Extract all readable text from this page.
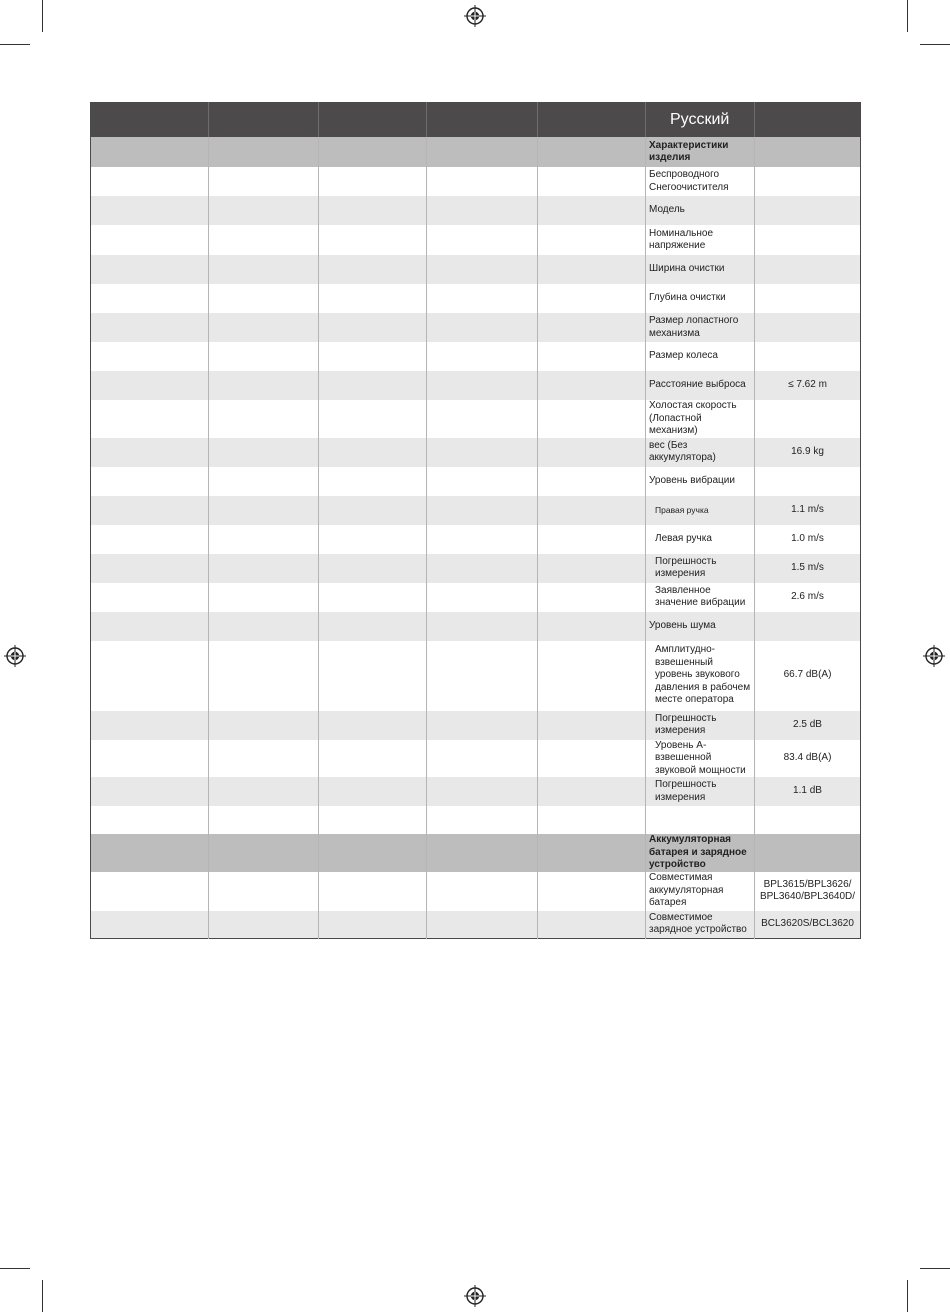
					Русский	
					Характеристики изделия	
					Беспроводного Снегоочистителя	
					Модель	
					Номинальное напряжение	
					Ширина очистки	
					Глубина очистки	
					Размер лопастного механизма	
					Размер колеса	
					Расстояние выброса	≤ 7.62 m
					Холостая скорость (Лопастной механизм)	
					вес (Без аккумулятора)	16.9 kg
					Уровень вибрации	
					Правая ручка	1.1 m/s
					Левая ручка	1.0 m/s
					Погрешность измерения	1.5 m/s
					Заявленное значение вибрации	2.6 m/s
					Уровень шума	
					Амплитудно-взвешенный уровень звукового давления в рабочем месте оператора	66.7 dB(A)
					Погрешность измерения	2.5 dB
					Уровень А-взвешенной звуковой мощности	83.4 dB(A)
					Погрешность измерения	1.1 dB

					Аккумуляторная батарея и зарядное устройство	
					Совместимая аккумуляторная батарея	BPL3615/BPL3626/ BPL3640/BPL3640D/
					Совместимое зарядное устройство	BCL3620S/BCL3620
